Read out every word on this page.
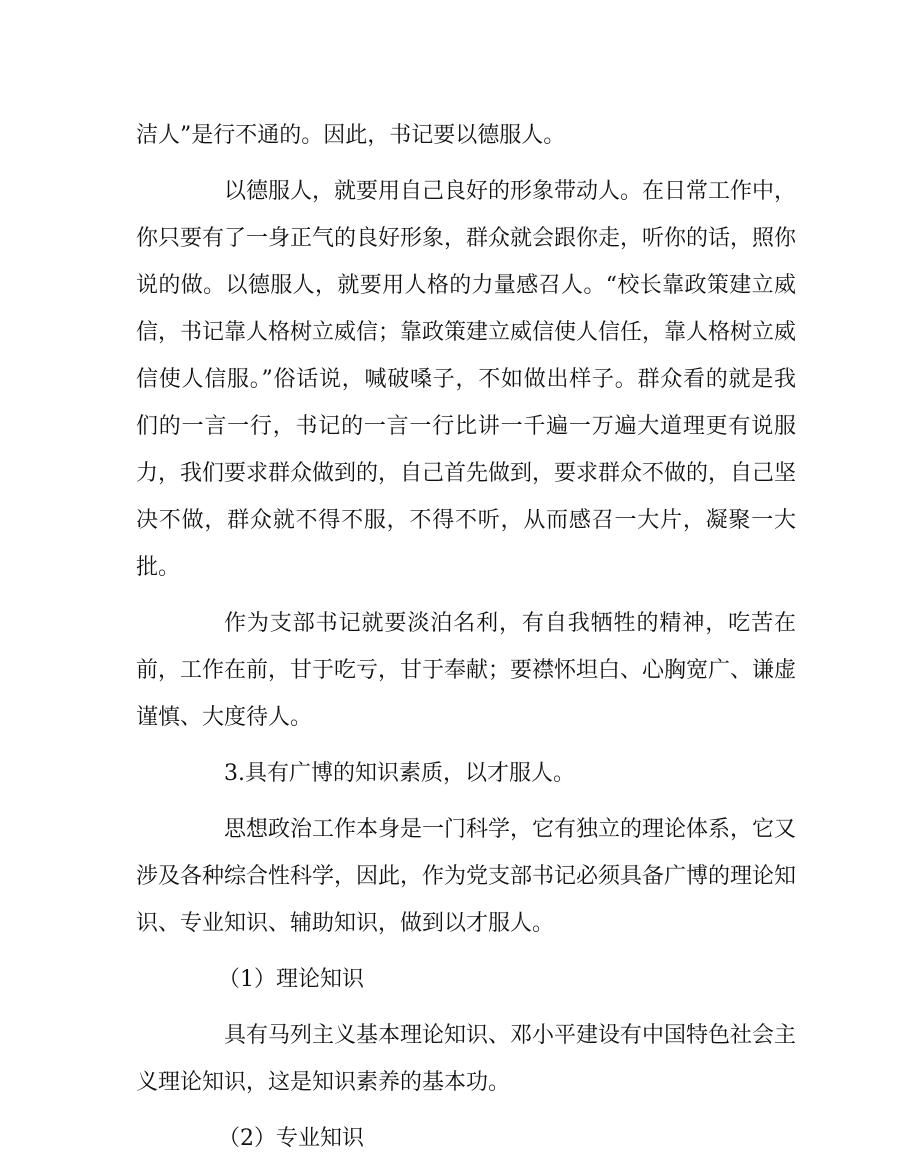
洁人”是行不通的。因此，书记要以德服人。

以德服人，就要用自己良好的形象带动人。在日常工作中，你只要有了一身正气的良好形象，群众就会跟你走，听你的话，照你说的做。以德服人，就要用人格的力量感召人。“校长靠政策建立威信，书记靠人格树立威信；靠政策建立威信使人信任，靠人格树立威信使人信服。”俗话说，喊破嗓子，不如做出样子。群众看的就是我们的一言一行，书记的一言一行比讲一千遍一万遍大道理更有说服力，我们要求群众做到的，自己首先做到，要求群众不做的，自己坚决不做，群众就不得不服，不得不听，从而感召一大片，凝聚一大批。

作为支部书记就要淡泊名利，有自我牺牲的精神，吃苦在前，工作在前，甘于吃亏，甘于奉献；要襟怀坦白、心胸宽广、谦虚谨慎、大度待人。

3.具有广博的知识素质，以才服人。

思想政治工作本身是一门科学，它有独立的理论体系，它又涉及各种综合性科学，因此，作为党支部书记必须具备广博的理论知识、专业知识、辅助知识，做到以才服人。

（1）理论知识

具有马列主义基本理论知识、邓小平建设有中国特色社会主义理论知识，这是知识素养的基本功。

（2）专业知识
